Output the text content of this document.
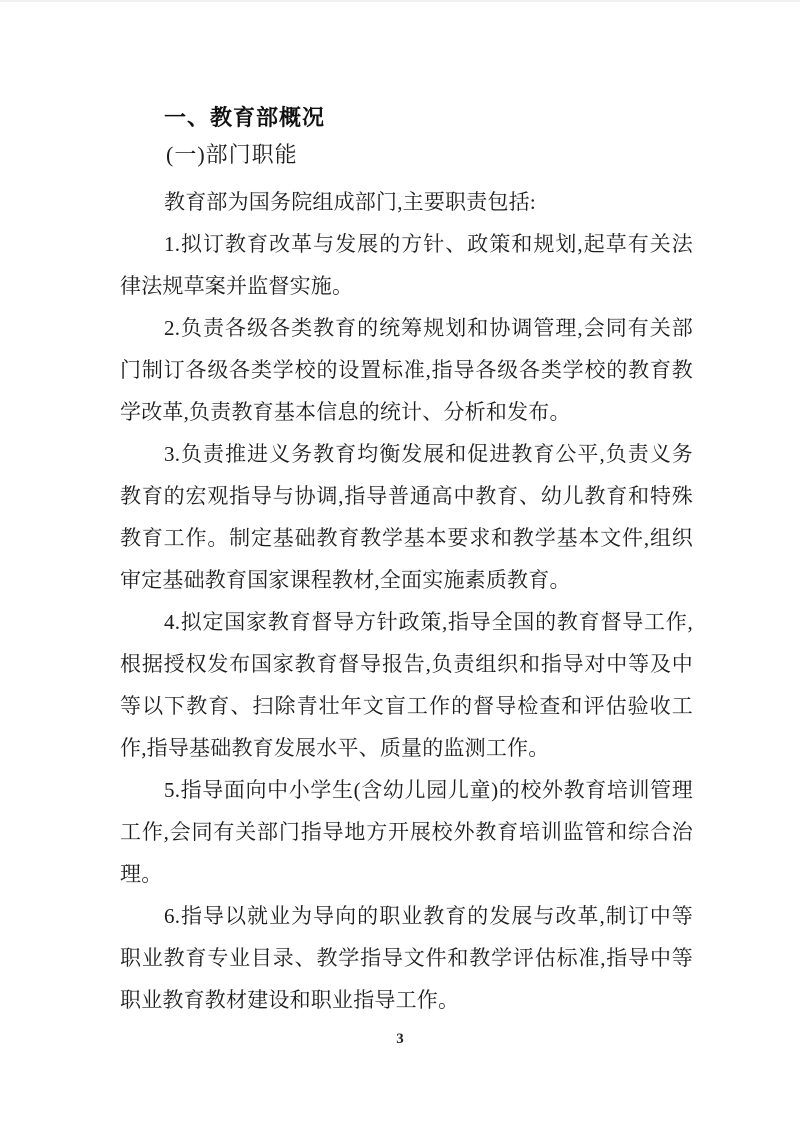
一、教育部概况
(一)部门职能

教育部为国务院组成部门,主要职责包括:

1.拟订教育改革与发展的方针、政策和规划,起草有关法律法规草案并监督实施。

2.负责各级各类教育的统筹规划和协调管理,会同有关部门制订各级各类学校的设置标准,指导各级各类学校的教育教学改革,负责教育基本信息的统计、分析和发布。

3.负责推进义务教育均衡发展和促进教育公平,负责义务教育的宏观指导与协调,指导普通高中教育、幼儿教育和特殊教育工作。制定基础教育教学基本要求和教学基本文件,组织审定基础教育国家课程教材,全面实施素质教育。

4.拟定国家教育督导方针政策,指导全国的教育督导工作,根据授权发布国家教育督导报告,负责组织和指导对中等及中等以下教育、扫除青壮年文盲工作的督导检查和评估验收工作,指导基础教育发展水平、质量的监测工作。

5.指导面向中小学生(含幼儿园儿童)的校外教育培训管理工作,会同有关部门指导地方开展校外教育培训监管和综合治理。

6.指导以就业为导向的职业教育的发展与改革,制订中等职业教育专业目录、教学指导文件和教学评估标准,指导中等职业教育教材建设和职业指导工作。

3
